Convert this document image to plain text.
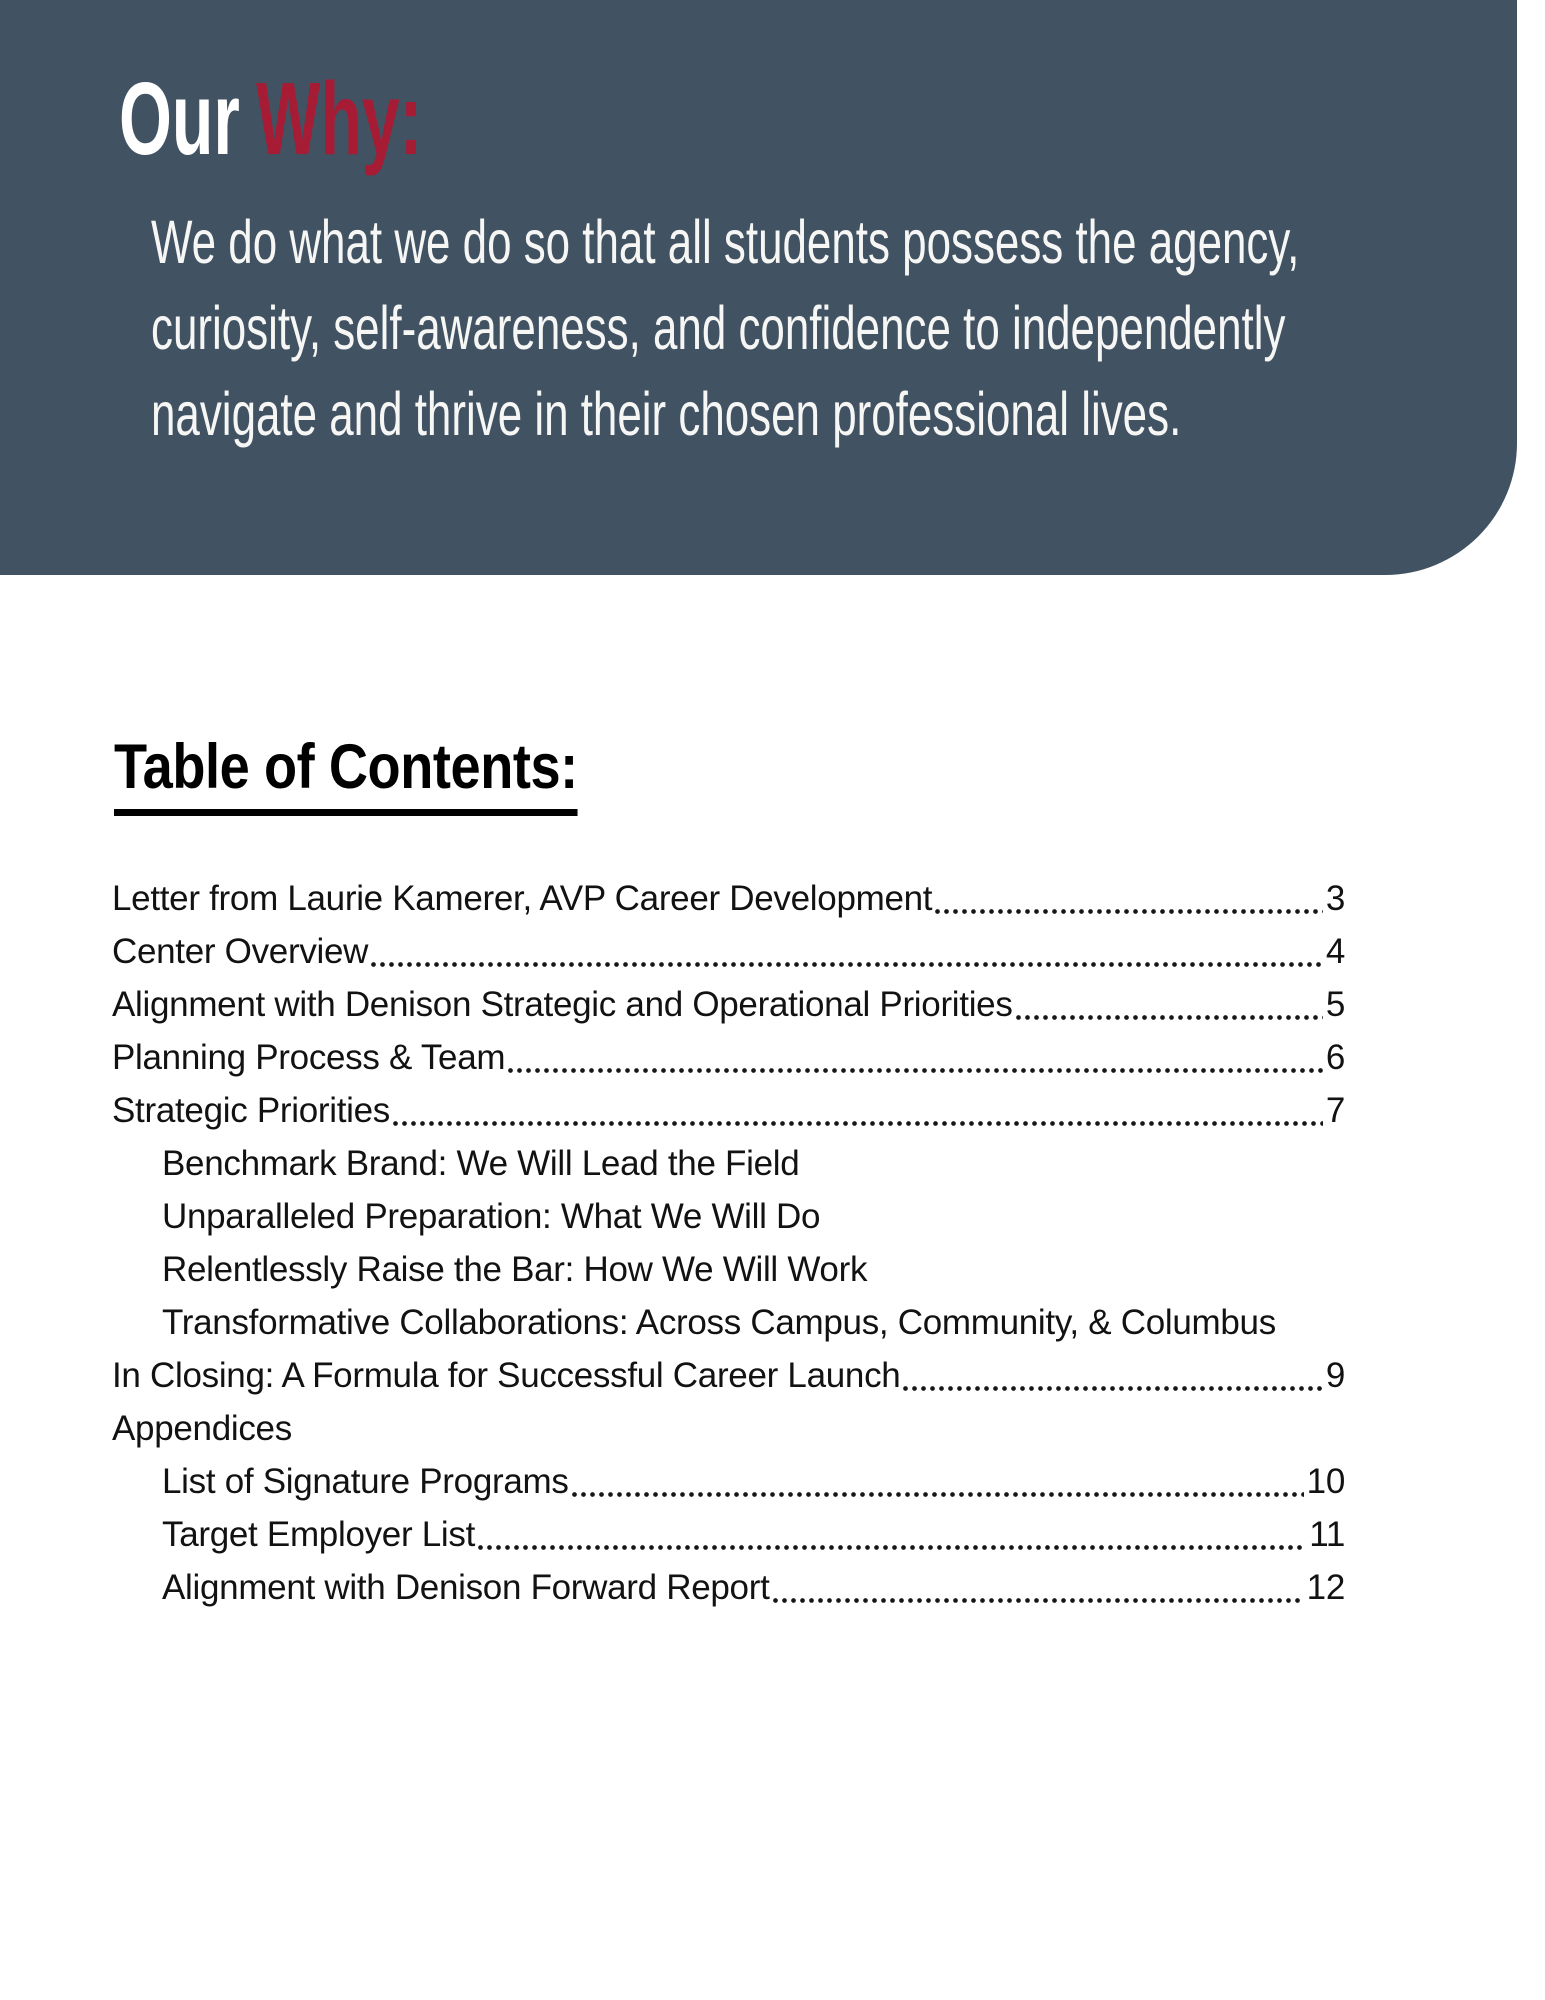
Our Why:
We do what we do so that all students possess the agency,
curiosity, self-awareness, and confidence to independently
navigate and thrive in their chosen professional lives.
Table of Contents:
Letter from Laurie Kamerer, AVP Career Development	3
Center Overview	4
Alignment with Denison Strategic and Operational Priorities	5
Planning Process & Team	6
Strategic Priorities	7
Benchmark Brand: We Will Lead the Field
Unparalleled Preparation: What We Will Do
Relentlessly Raise the Bar: How We Will Work
Transformative Collaborations: Across Campus, Community, & Columbus
In Closing: A Formula for Successful Career Launch	9
Appendices
List of Signature Programs	10
Target Employer List	11
Alignment with Denison Forward Report	12
